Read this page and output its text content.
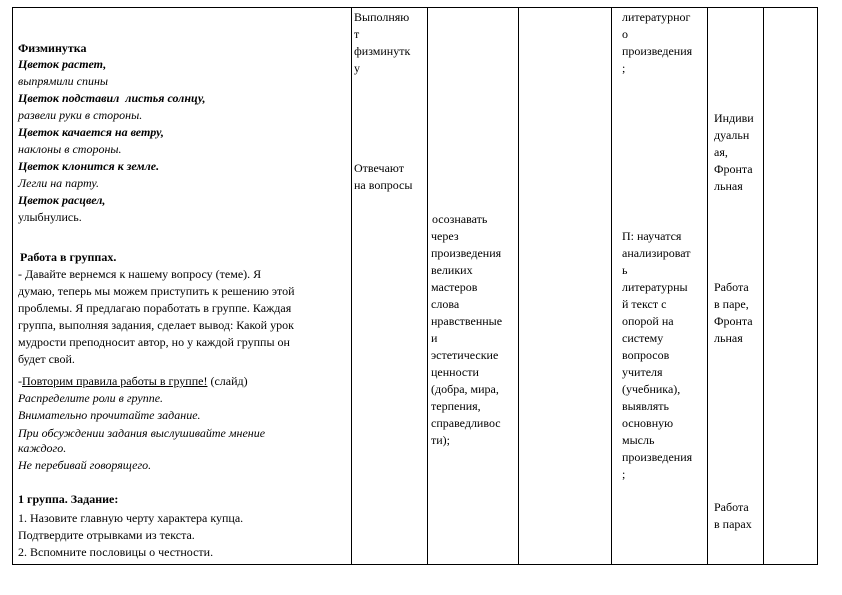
Физминутка
Цветок растет,
выпрямили спины
Цветок подставил  листья солнцу,
развели руки в стороны.
Цветок качается на ветру,
наклоны в стороны.
Цветок клонится к земле.
Легли на парту.
Цветок расцвел,
улыбнулись.
Работа в группах.
- Давайте вернемся к нашему вопросу (теме). Я
думаю, теперь мы можем приступить к решению этой
проблемы. Я предлагаю поработать в группе. Каждая
группа, выполняя задания, сделает вывод: Какой урок
мудрости преподносит автор, но у каждой группы он
будет свой.
-Повторим правила работы в группе! (слайд)
Распределите роли в группе.
Внимательно прочитайте задание.
При обсуждении задания выслушивайте мнение
каждого.
Не перебивай говорящего.
1 группа. Задание:
1. Назовите главную черту характера купца.
Подтвердите отрывками из текста.
2. Вспомните пословицы о честности.
Выполняю
т
физминутк
у
Отвечают
на вопросы
осознавать
через
произведения
великих
мастеров
слова
нравственные
и
эстетические
ценности
(добра, мира,
терпения,
справедливос
ти);
литературног
о
произведения
;
П: научатся
анализироват
ь
литературны
й текст с
опорой на
систему
вопросов
учителя
(учебника),
выявлять
основную
мысль
произведения
;
Индиви
дуальн
ая,
Фронта
льная
Работа
в паре,
Фронта
льная
Работа
в парах
